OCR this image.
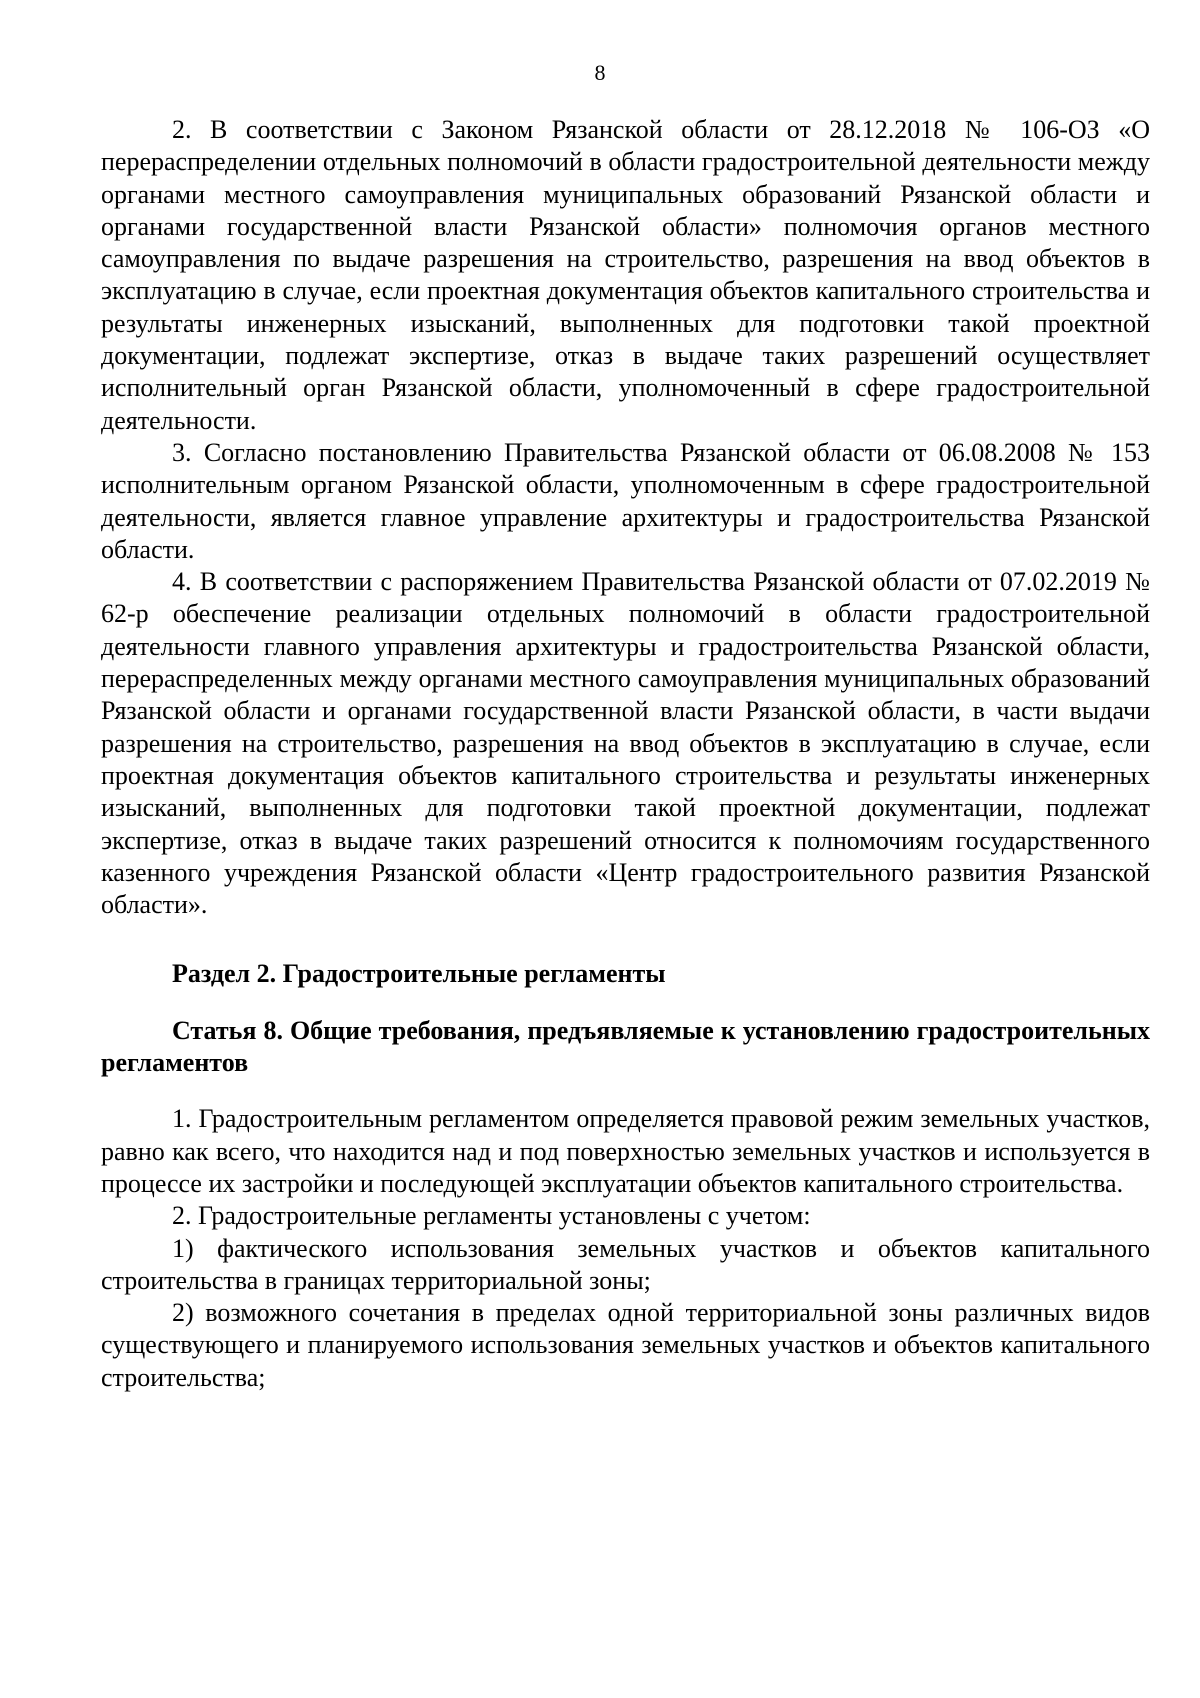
8

2. В соответствии с Законом Рязанской области от 28.12.2018 № 106-ОЗ «О перераспределении отдельных полномочий в области градостроительной деятельности между органами местного самоуправления муниципальных образований Рязанской области и органами государственной власти Рязанской области» полномочия органов местного самоуправления по выдаче разрешения на строительство, разрешения на ввод объектов в эксплуатацию в случае, если проектная документация объектов капитального строительства и результаты инженерных изысканий, выполненных для подготовки такой проектной документации, подлежат экспертизе, отказ в выдаче таких разрешений осуществляет исполнительный орган Рязанской области, уполномоченный в сфере градостроительной деятельности.

3. Согласно постановлению Правительства Рязанской области от 06.08.2008 № 153 исполнительным органом Рязанской области, уполномоченным в сфере градостроительной деятельности, является главное управление архитектуры и градостроительства Рязанской области.

4. В соответствии с распоряжением Правительства Рязанской области от 07.02.2019 № 62-р обеспечение реализации отдельных полномочий в области градостроительной деятельности главного управления архитектуры и градостроительства Рязанской области, перераспределенных между органами местного самоуправления муниципальных образований Рязанской области и органами государственной власти Рязанской области, в части выдачи разрешения на строительство, разрешения на ввод объектов в эксплуатацию в случае, если проектная документация объектов капитального строительства и результаты инженерных изысканий, выполненных для подготовки такой проектной документации, подлежат экспертизе, отказ в выдаче таких разрешений относится к полномочиям государственного казенного учреждения Рязанской области «Центр градостроительного развития Рязанской области».

Раздел 2. Градостроительные регламенты

Статья 8. Общие требования, предъявляемые к установлению градостроительных регламентов

1. Градостроительным регламентом определяется правовой режим земельных участков, равно как всего, что находится над и под поверхностью земельных участков и используется в процессе их застройки и последующей эксплуатации объектов капитального строительства.

2. Градостроительные регламенты установлены с учетом:

1) фактического использования земельных участков и объектов капитального строительства в границах территориальной зоны;

2) возможного сочетания в пределах одной территориальной зоны различных видов существующего и планируемого использования земельных участков и объектов капитального строительства;
